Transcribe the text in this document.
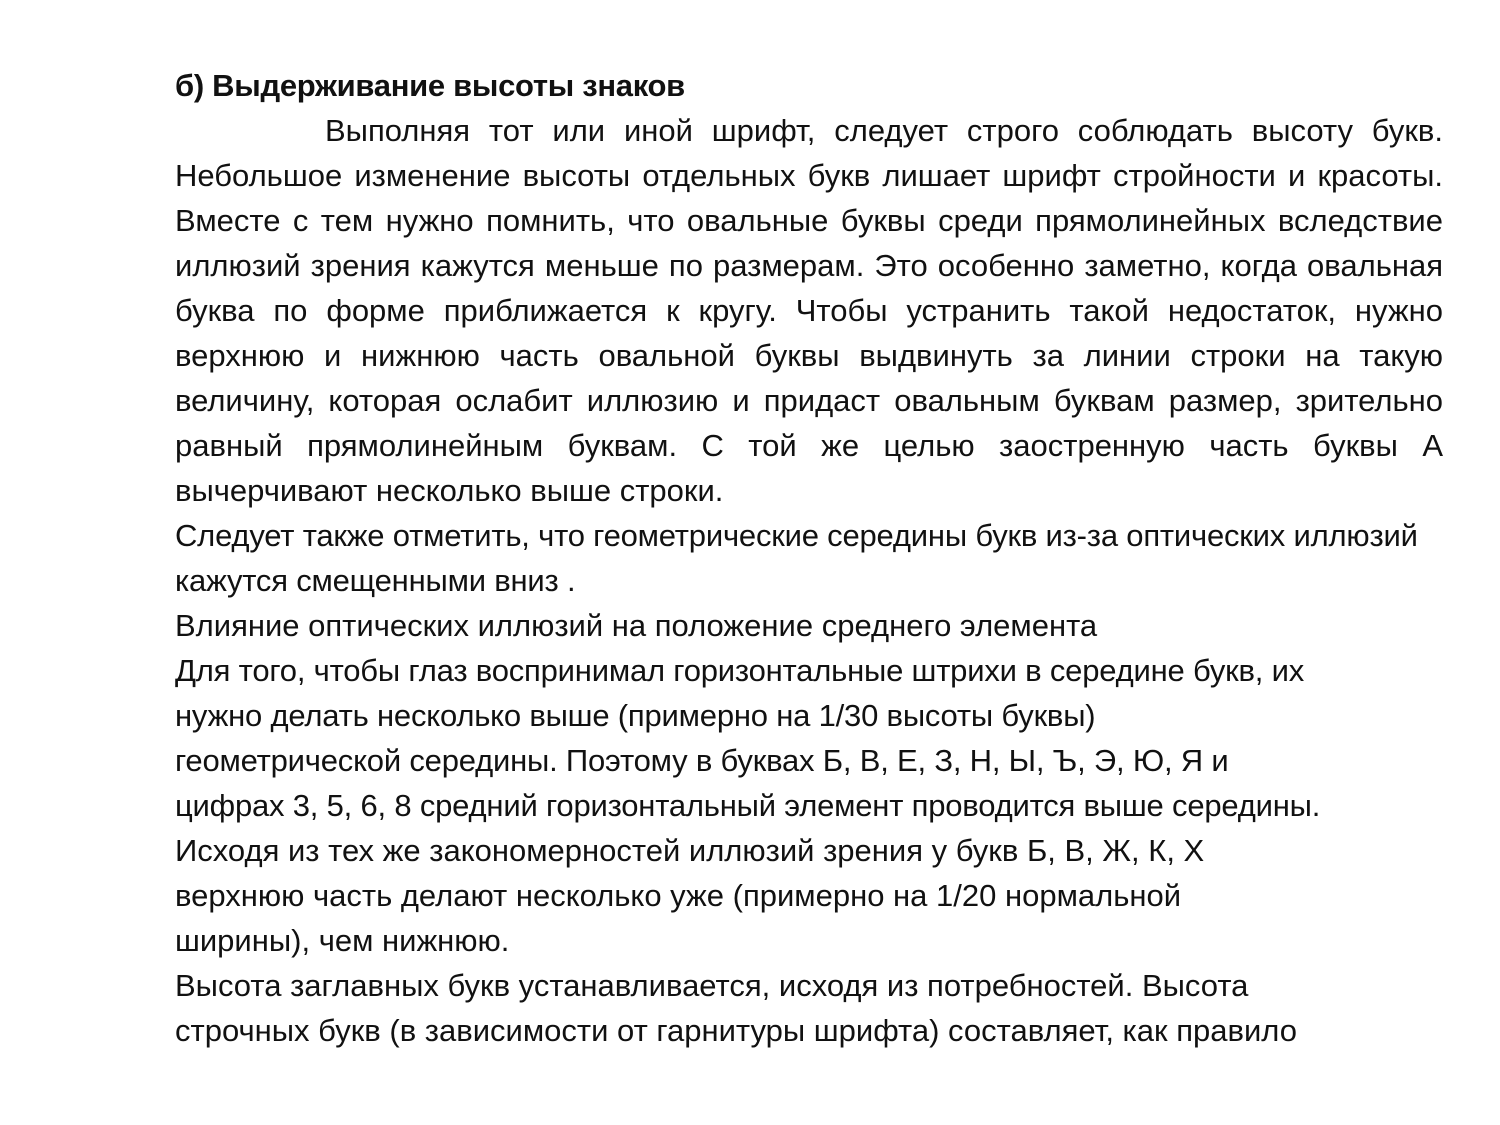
б) Выдерживание высоты знаков

Выполняя тот или иной шрифт, следует строго соблюдать высоту букв. Небольшое изменение высоты отдельных букв лишает шрифт стройности и красоты. Вместе с тем нужно помнить, что овальные буквы среди прямолинейных вследствие иллюзий зрения кажутся меньше по размерам. Это особенно заметно, когда овальная буква по форме приближается к кругу. Чтобы устранить такой недостаток, нужно верхнюю и нижнюю часть овальной буквы выдвинуть за линии строки на такую величину, которая ослабит иллюзию и придаст овальным буквам размер, зрительно равный прямолинейным буквам. С той же целью заостренную часть буквы А вычерчивают несколько выше строки.

Следует также отметить, что геометрические середины букв из-за оптических иллюзий кажутся смещенными вниз .

Влияние оптических иллюзий на положение среднего элемента

Для того, чтобы глаз воспринимал горизонтальные штрихи в середине букв, их нужно делать несколько выше (примерно на 1/30 высоты буквы) геометрической середины. Поэтому в буквах Б, В, Е, З, Н, Ы, Ъ, Э, Ю, Я и цифрах 3, 5, 6, 8 средний горизонтальный элемент проводится выше середины.

Исходя из тех же закономерностей иллюзий зрения у букв Б, В, Ж, К, Х верхнюю часть делают несколько уже (примерно на 1/20 нормальной ширины), чем нижнюю.

Высота заглавных букв устанавливается, исходя из потребностей. Высота

строчных букв (в зависимости от гарнитуры шрифта) составляет, как правило
